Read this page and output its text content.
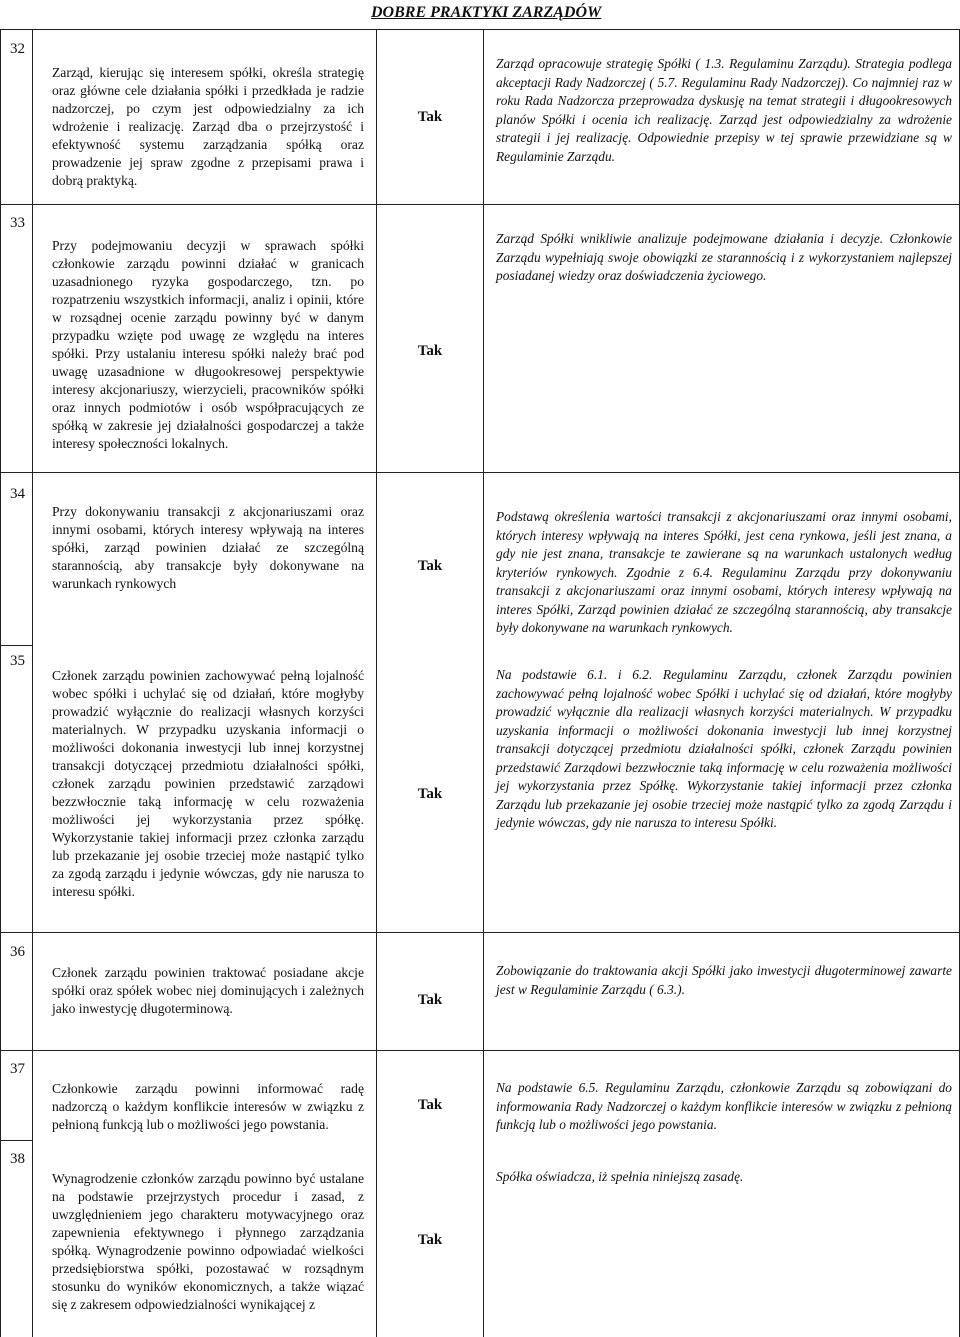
DOBRE PRAKTYKI ZARZĄDÓW
32
Zarząd, kierując się interesem spółki, określa strategię oraz główne cele działania spółki i przedkłada je radzie nadzorczej, po czym jest odpowiedzialny za ich wdrożenie i realizację. Zarząd dba o przejrzystość i efektywność systemu zarządzania spółką oraz prowadzenie jej spraw zgodne z przepisami prawa i dobrą praktyką.
Tak
Zarząd opracowuje strategię Spółki ( 1.3. Regulaminu Zarządu). Strategia podlega akceptacji Rady Nadzorczej ( 5.7. Regulaminu Rady Nadzorczej). Co najmniej raz w roku Rada Nadzorcza przeprowadza dyskusję na temat strategii i długookresowych planów Spółki i ocenia ich realizację. Zarząd jest odpowiedzialny za wdrożenie strategii i jej realizację. Odpowiednie przepisy w tej sprawie przewidziane są w Regulaminie Zarządu.
33
Przy podejmowaniu decyzji w sprawach spółki członkowie zarządu powinni działać w granicach uzasadnionego ryzyka gospodarczego, tzn. po rozpatrzeniu wszystkich informacji, analiz i opinii, które w rozsądnej ocenie zarządu powinny być w danym przypadku wzięte pod uwagę ze względu na interes spółki. Przy ustalaniu interesu spółki należy brać pod uwagę uzasadnione w długookresowej perspektywie interesy akcjonariuszy, wierzycieli, pracowników spółki oraz innych podmiotów i osób współpracujących ze spółką w zakresie jej działalności gospodarczej a także interesy społeczności lokalnych.
Tak
Zarząd Spółki wnikliwie analizuje podejmowane działania i decyzje. Członkowie Zarządu wypełniają swoje obowiązki ze starannością i z wykorzystaniem najlepszej posiadanej wiedzy oraz doświadczenia życiowego.
34
Przy dokonywaniu transakcji z akcjonariuszami oraz innymi osobami, których interesy wpływają na interes spółki, zarząd powinien działać ze szczególną starannością, aby transakcje były dokonywane na warunkach rynkowych
Tak
Podstawą określenia wartości transakcji z akcjonariuszami oraz innymi osobami, których interesy wpływają na interes Spółki, jest cena rynkowa, jeśli jest znana, a gdy nie jest znana, transakcje te zawierane są na warunkach ustalonych według kryteriów rynkowych. Zgodnie z 6.4. Regulaminu Zarządu przy dokonywaniu transakcji z akcjonariuszami oraz innymi osobami, których interesy wpływają na interes Spółki, Zarząd powinien działać ze szczególną starannością, aby transakcje były dokonywane na warunkach rynkowych.
35
Członek zarządu powinien zachowywać pełną lojalność wobec spółki i uchylać się od działań, które mogłyby prowadzić wyłącznie do realizacji własnych korzyści materialnych. W przypadku uzyskania informacji o możliwości dokonania inwestycji lub innej korzystnej transakcji dotyczącej przedmiotu działalności spółki, członek zarządu powinien przedstawić zarządowi bezzwłocznie taką informację w celu rozważenia możliwości jej wykorzystania przez spółkę. Wykorzystanie takiej informacji przez członka zarządu lub przekazanie jej osobie trzeciej może nastąpić tylko za zgodą zarządu i jedynie wówczas, gdy nie narusza to interesu spółki.
Tak
Na podstawie 6.1. i 6.2. Regulaminu Zarządu, członek Zarządu powinien zachowywać pełną lojalność wobec Spółki i uchylać się od działań, które mogłyby prowadzić wyłącznie dla realizacji własnych korzyści materialnych. W przypadku uzyskania informacji o możliwości dokonania inwestycji lub innej korzystnej transakcji dotyczącej przedmiotu działalności spółki, członek Zarządu powinien przedstawić Zarządowi bezzwłocznie taką informację w celu rozważenia możliwości jej wykorzystania przez Spółkę. Wykorzystanie takiej informacji przez członka Zarządu lub przekazanie jej osobie trzeciej może nastąpić tylko za zgodą Zarządu i jedynie wówczas, gdy nie narusza to interesu Spółki.
36
Członek zarządu powinien traktować posiadane akcje spółki oraz spółek wobec niej dominujących i zależnych jako inwestycję długoterminową.
Tak
Zobowiązanie do traktowania akcji Spółki jako inwestycji długoterminowej zawarte jest w Regulaminie Zarządu ( 6.3.).
37
Członkowie zarządu powinni informować radę nadzorczą o każdym konflikcie interesów w związku z pełnioną funkcją lub o możliwości jego powstania.
Tak
Na podstawie 6.5. Regulaminu Zarządu, członkowie Zarządu są zobowiązani do informowania Rady Nadzorczej o każdym konflikcie interesów w związku z pełnioną funkcją lub o możliwości jego powstania.
38
Wynagrodzenie członków zarządu powinno być ustalane na podstawie przejrzystych procedur i zasad, z uwzględnieniem jego charakteru motywacyjnego oraz zapewnienia efektywnego i płynnego zarządzania spółką. Wynagrodzenie powinno odpowiadać wielkości przedsiębiorstwa spółki, pozostawać w rozsądnym stosunku do wyników ekonomicznych, a także wiązać się z zakresem odpowiedzialności wynikającej z
Tak
Spółka oświadcza, iż spełnia niniejszą zasadę.
